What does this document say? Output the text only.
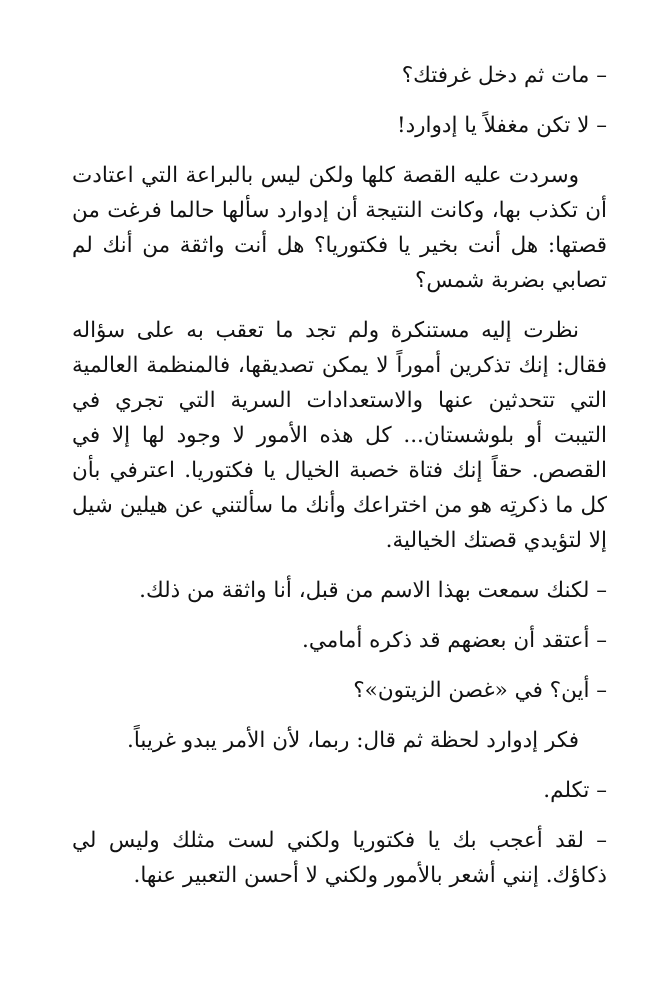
– مات ثم دخل غرفتك؟

– لا تكن مغفلاً يا إدوارد!

وسردت عليه القصة كلها ولكن ليس بالبراعة التي اعتادت أن تكذب بها، وكانت النتيجة أن إدوارد سألها حالما فرغت من قصتها: هل أنت بخير يا فكتوريا؟ هل أنت واثقة من أنك لم تصابي بضربة شمس؟

نظرت إليه مستنكرة ولم تجد ما تعقب به على سؤاله فقال: إنك تذكرين أموراً لا يمكن تصديقها، فالمنظمة العالمية التي تتحدثين عنها والاستعدادات السرية التي تجري في التيبت أو بلوشستان... كل هذه الأمور لا وجود لها إلا في القصص. حقاً إنك فتاة خصبة الخيال يا فكتوريا. اعترفي بأن كل ما ذكرتِه هو من اختراعك وأنك ما سألتني عن هيلين شيل إلا لتؤيدي قصتك الخيالية.

– لكنك سمعت بهذا الاسم من قبل، أنا واثقة من ذلك.

– أعتقد أن بعضهم قد ذكره أمامي.

– أين؟ في «غصن الزيتون»؟

فكر إدوارد لحظة ثم قال: ربما، لأن الأمر يبدو غريباً.

– تكلم.

– لقد أعجب بك يا فكتوريا ولكني لست مثلك وليس لي ذكاؤك. إنني أشعر بالأمور ولكني لا أحسن التعبير عنها.
